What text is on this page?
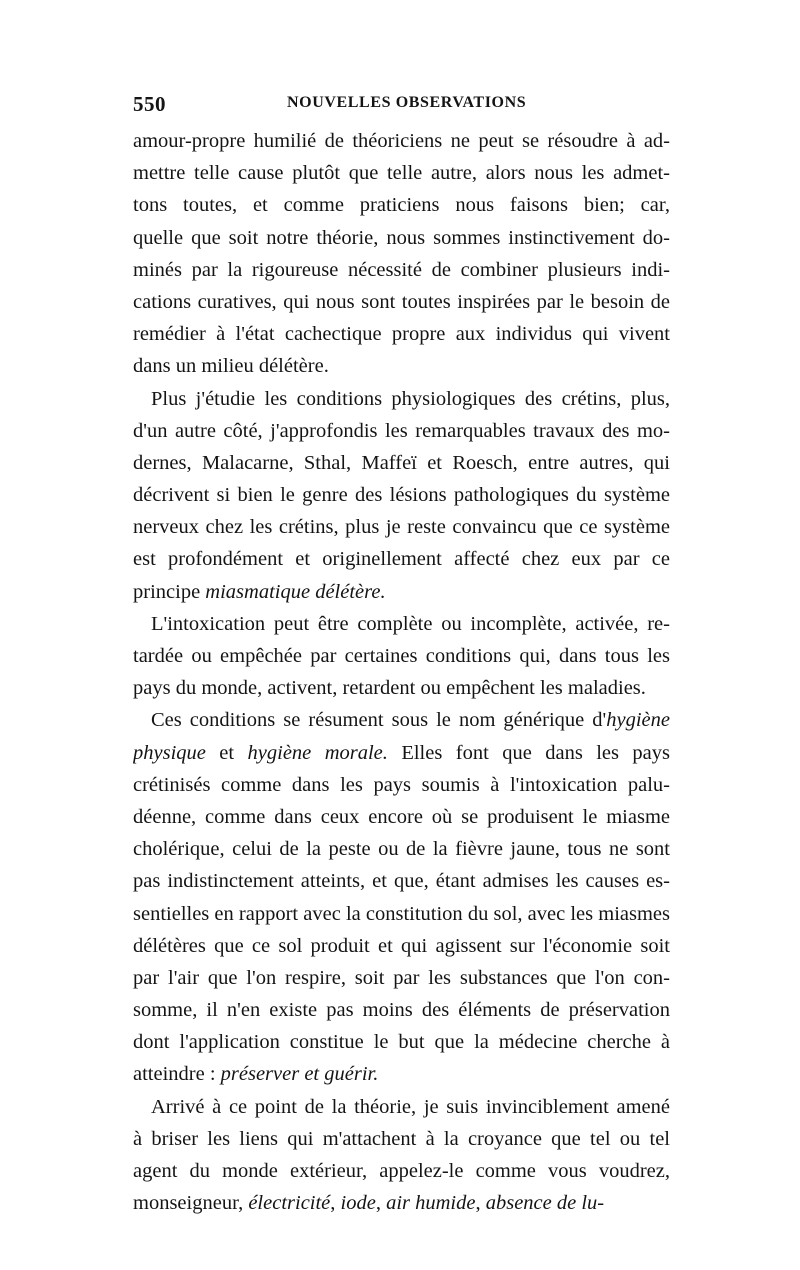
550	NOUVELLES OBSERVATIONS
amour-propre humilié de théoriciens ne peut se résoudre à ad-
mettre telle cause plutôt que telle autre, alors nous les admet-
tons toutes, et comme praticiens nous faisons bien; car,
quelle que soit notre théorie, nous sommes instinctivement do-
minés par la rigoureuse nécessité de combiner plusieurs indi-
cations curatives, qui nous sont toutes inspirées par le besoin de
remédier à l'état cachectique propre aux individus qui vivent
dans un milieu délétère.
Plus j'étudie les conditions physiologiques des crétins, plus,
d'un autre côté, j'approfondis les remarquables travaux des mo-
dernes, Malacarne, Sthal, Maffeï et Roesch, entre autres, qui
décrivent si bien le genre des lésions pathologiques du système
nerveux chez les crétins, plus je reste convaincu que ce système
est profondément et originellement affecté chez eux par ce
principe miasmatique délétère.
L'intoxication peut être complète ou incomplète, activée, re-
tardée ou empêchée par certaines conditions qui, dans tous les
pays du monde, activent, retardent ou empêchent les maladies.
Ces conditions se résument sous le nom générique d'hygiène
physique et hygiène morale. Elles font que dans les pays
crétinisés comme dans les pays soumis à l'intoxication palu-
déenne, comme dans ceux encore où se produisent le miasme
cholérique, celui de la peste ou de la fièvre jaune, tous ne sont
pas indistinctement atteints, et que, étant admises les causes es-
sentielles en rapport avec la constitution du sol, avec les miasmes
délétères que ce sol produit et qui agissent sur l'économie soit
par l'air que l'on respire, soit par les substances que l'on con-
somme, il n'en existe pas moins des éléments de préservation
dont l'application constitue le but que la médecine cherche à
atteindre : préserver et guérir.
Arrivé à ce point de la théorie, je suis invinciblement amené
à briser les liens qui m'attachent à la croyance que tel ou tel
agent du monde extérieur, appelez-le comme vous voudrez,
monseigneur, électricité, iode, air humide, absence de lu-
